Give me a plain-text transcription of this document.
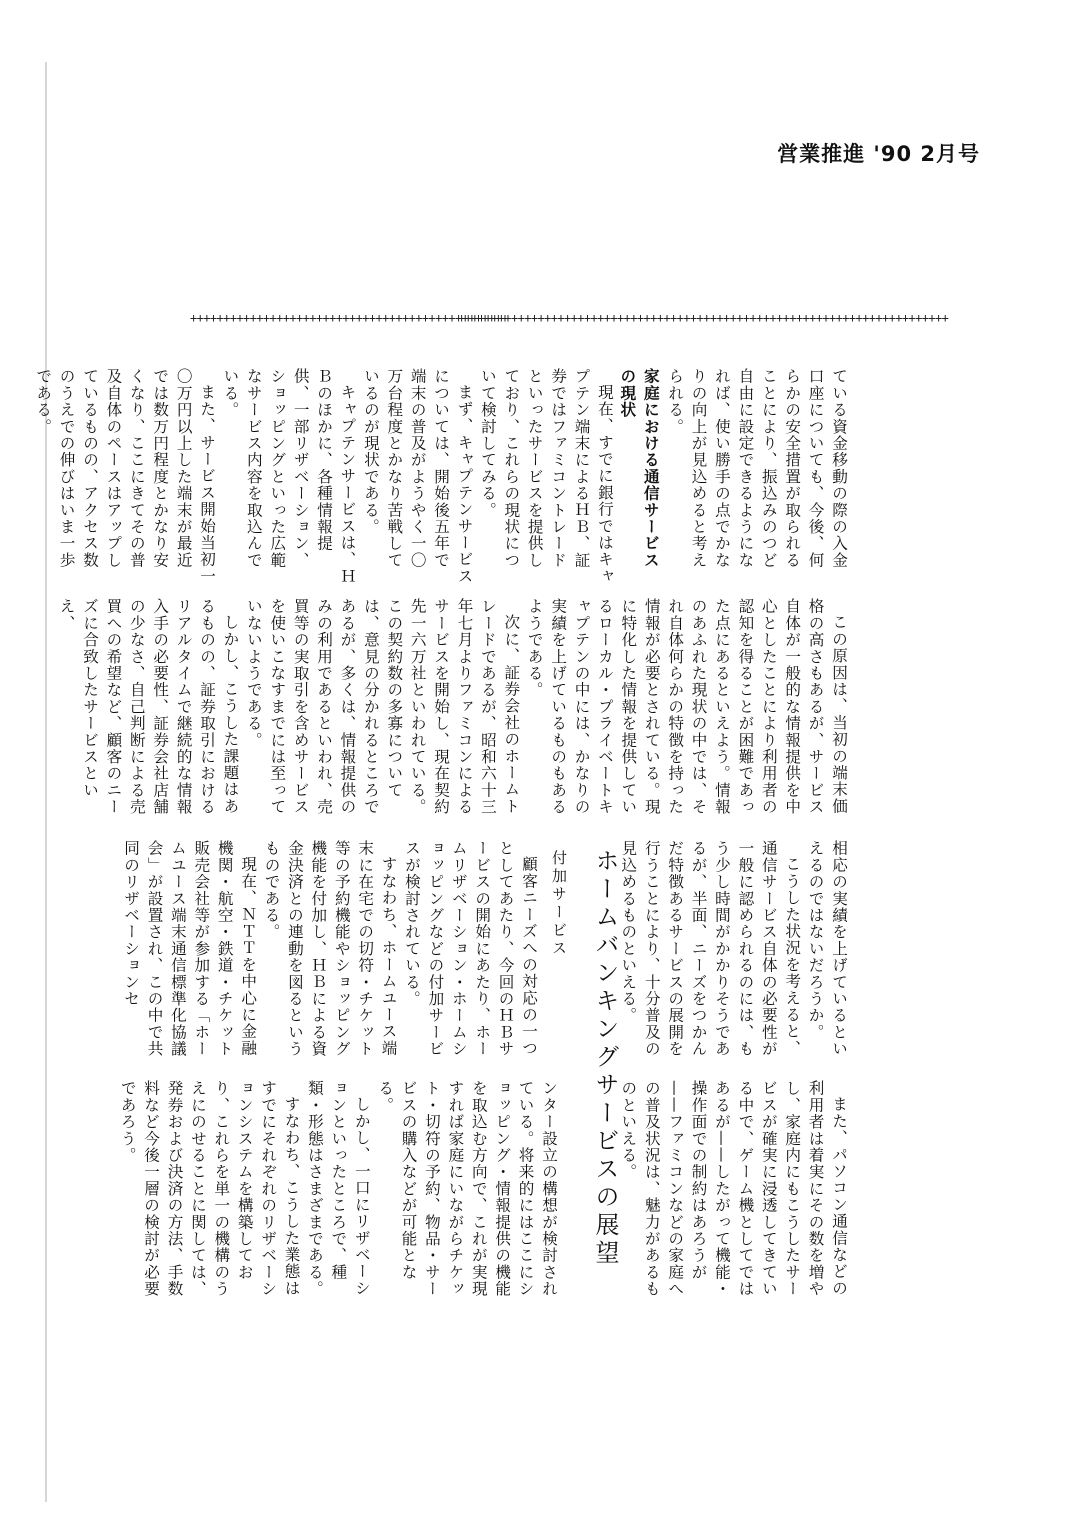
営業推進 '90 2月号
++++++++++++++++++++++++++++++++++++++++++++++++
++++++++++++++++++++++++++++++++++++++++++++++++++++++++++++++++++++++++++
ている資金移動の際の入金口座についても、今後、何らかの安全措置が取られることにより、振込みのつど自由に設定できるようになれば、使い勝手の点でかなりの向上が見込めると考えられる。
家庭における通信サービスの現状
現在、すでに銀行ではキャプテン端末によるＨＢ、証券ではファミコントレードといったサービスを提供しており、これらの現状について検討してみる。
まず、キャプテンサービスについては、開始後五年で端末の普及がようやく一〇万台程度とかなり苦戦しているのが現状である。
キャプテンサービスは、ＨＢのほかに、各種情報提供、一部リザベーション、ショッピングといった広範なサービス内容を取込んでいる。
また、サービス開始当初一〇万円以上した端末が最近では数万円程度とかなり安くなり、ここにきてその普及自体のペースはアップしているものの、アクセス数のうえでの伸びはいま一歩である。
この原因は、当初の端末価格の高さもあるが、サービス自体が一般的な情報提供を中心としたことにより利用者の認知を得ることが困難であった点にあるといえよう。情報のあふれた現状の中では、それ自体何らかの特徴を持った情報が必要とされている。現に特化した情報を提供しているローカル・プライベートキャプテンの中には、かなりの実績を上げているものもあるようである。
次に、証券会社のホームトレードであるが、昭和六十三年七月よりファミコンによるサービスを開始し、現在契約先一六万社といわれている。この契約数の多寡については、意見の分かれるところであるが、多くは、情報提供のみの利用であるといわれ、売買等の実取引を含めサービスを使いこなすまでには至っていないようである。
しかし、こうした課題はあるものの、証券取引におけるリアルタイムで継続的な情報入手の必要性、証券会社店舗の少なさ、自己判断による売買への希望など、顧客のニーズに合致したサービスといえ、
相応の実績を上げているといえるのではないだろうか。
こうした状況を考えると、通信サービス自体の必要性が一般に認められるのには、もう少し時間がかかりそうであるが、半面、ニーズをつかんだ特徴あるサービスの展開を行うことにより、十分普及の見込めるものといえる。
ホームバンキングサービスの展望
付加サービス
顧客ニーズへの対応の一つとしてあたり、今回のＨＢサービスの開始にあたり、ホームリザベーション・ホームショッピングなどの付加サービスが検討されている。
すなわち、ホームユース端末に在宅での切符・チケット等の予約機能やショッピング機能を付加し、ＨＢによる資金決済との連動を図るというものである。
現在、ＮＴＴを中心に金融機関・航空・鉄道・チケット販売会社等が参加する「ホームユース端末通信標準化協議会」が設置され、この中で共同のリザベーションセ
また、パソコン通信などの利用者は着実にその数を増やし、家庭内にもこうしたサービスが確実に浸透してきている中で、ゲーム機としてではあるが——したがって機能・操作面での制約はあろうが——ファミコンなどの家庭への普及状況は、魅力があるものといえる。
ンター設立の構想が検討されている。将来的にはここにショッピング・情報提供の機能を取込む方向で、これが実現すれば家庭にいながらチケット・切符の予約、物品・サービスの購入などが可能となる。
しかし、一口にリザベーションといったところで、種類・形態はさまざまである。
すなわち、こうした業態はすでにそれぞれのリザベーションシステムを構築しており、これらを単一の機構のうえにのせることに関しては、発券および決済の方法、手数料など今後一層の検討が必要であろう。
